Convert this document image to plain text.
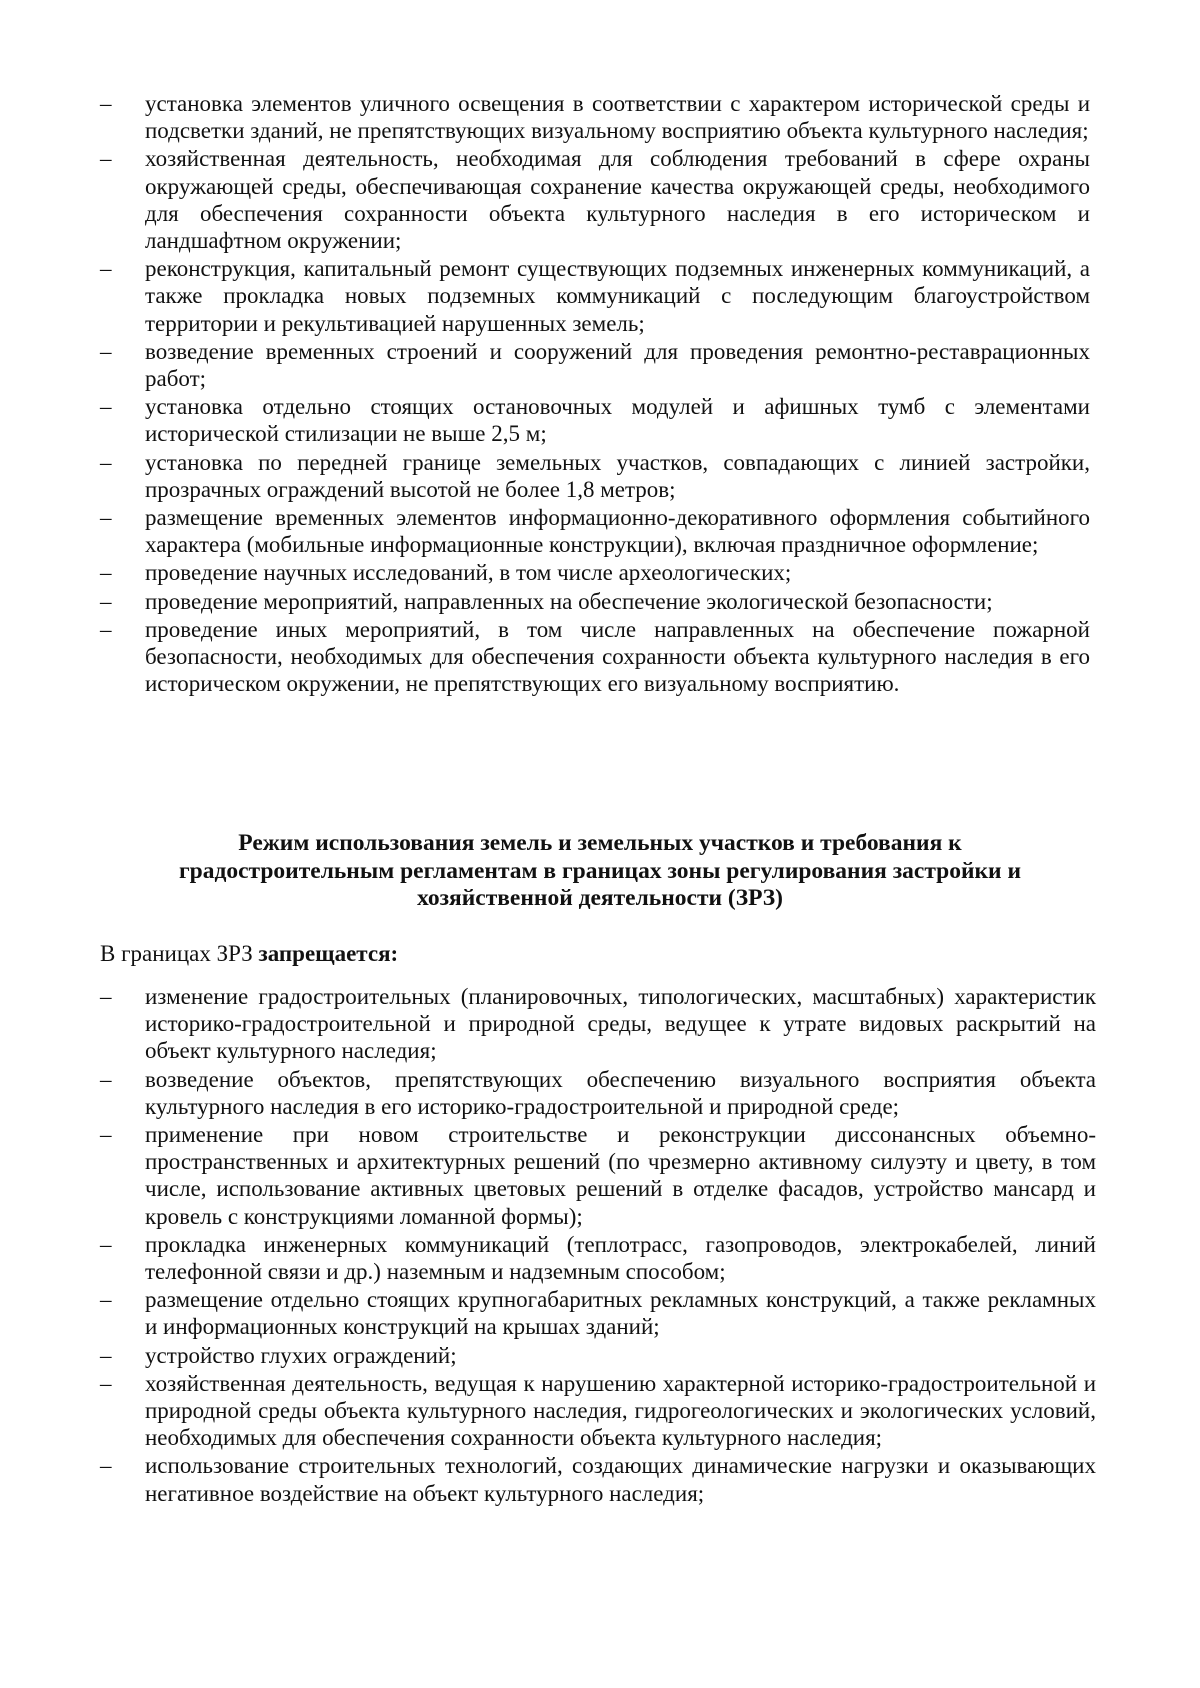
–	установка элементов уличного освещения в соответствии с характером исторической среды и подсветки зданий, не препятствующих визуальному восприятию объекта культурного наследия;
–	хозяйственная деятельность, необходимая для соблюдения требований в сфере охраны окружающей среды, обеспечивающая сохранение качества окружающей среды, необходимого для обеспечения сохранности объекта культурного наследия в его историческом и ландшафтном окружении;
–	реконструкция, капитальный ремонт существующих подземных инженерных коммуникаций, а также прокладка новых подземных коммуникаций с последующим благоустройством территории и рекультивацией нарушенных земель;
–	возведение временных строений и сооружений для проведения ремонтно-реставрационных работ;
–	установка отдельно стоящих остановочных модулей и афишных тумб с элементами исторической стилизации не выше 2,5 м;
–	установка по передней границе земельных участков, совпадающих с линией застройки, прозрачных ограждений высотой не более 1,8 метров;
–	размещение временных элементов информационно-декоративного оформления событийного характера (мобильные информационные конструкции), включая праздничное оформление;
–	проведение научных исследований, в том числе археологических;
–	проведение мероприятий, направленных на обеспечение экологической безопасности;
–	проведение иных мероприятий, в том числе направленных на обеспечение пожарной безопасности, необходимых для обеспечения сохранности объекта культурного наследия в его историческом окружении, не препятствующих его визуальному восприятию.
Режим использования земель и земельных участков и требования к градостроительным регламентам в границах зоны регулирования застройки и хозяйственной деятельности (ЗРЗ)

В границах ЗРЗ запрещается:

–	изменение градостроительных (планировочных, типологических, масштабных) характеристик историко-градостроительной и природной среды, ведущее к утрате видовых раскрытий на объект культурного наследия;
–	возведение объектов, препятствующих обеспечению визуального восприятия объекта культурного наследия в его историко-градостроительной и природной среде;
–	применение при новом строительстве и реконструкции диссонансных объемно-пространственных и архитектурных решений (по чрезмерно активному силуэту и цвету, в том числе, использование активных цветовых решений в отделке фасадов, устройство мансард и кровель с конструкциями ломанной формы);
–	прокладка инженерных коммуникаций (теплотрасс, газопроводов, электрокабелей, линий телефонной связи и др.) наземным и надземным способом;
–	размещение отдельно стоящих крупногабаритных рекламных конструкций, а также рекламных и информационных конструкций на крышах зданий;
–	устройство глухих ограждений;
–	хозяйственная деятельность, ведущая к нарушению характерной историко-градостроительной и природной среды объекта культурного наследия, гидрогеологических и экологических условий, необходимых для обеспечения сохранности объекта культурного наследия;
–	использование строительных технологий, создающих динамические нагрузки и оказывающих негативное воздействие на объект культурного наследия;
